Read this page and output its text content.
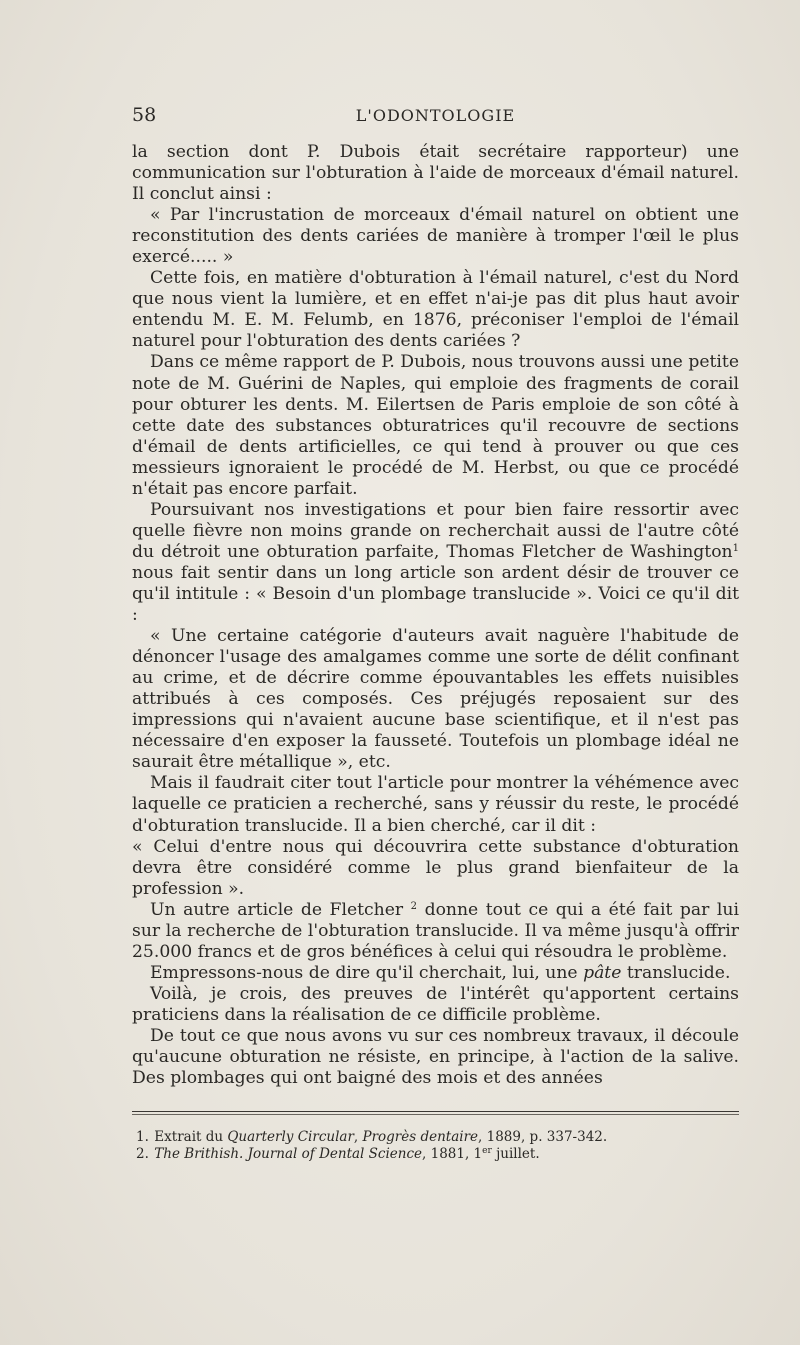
58	L'ODONTOLOGIE

la section dont P. Dubois était secrétaire rapporteur) une communication sur l'obturation à l'aide de morceaux d'émail naturel. Il conclut ainsi :

« Par l'incrustation de morceaux d'émail naturel on obtient une reconstitution des dents cariées de manière à tromper l'œil le plus exercé..... »

Cette fois, en matière d'obturation à l'émail naturel, c'est du Nord que nous vient la lumière, et en effet n'ai-je pas dit plus haut avoir entendu M. E. M. Felumb, en 1876, préconiser l'emploi de l'émail naturel pour l'obturation des dents cariées ?

Dans ce même rapport de P. Dubois, nous trouvons aussi une petite note de M. Guérini de Naples, qui emploie des fragments de corail pour obturer les dents. M. Eilertsen de Paris emploie de son côté à cette date des substances obturatrices qu'il recouvre de sections d'émail de dents artificielles, ce qui tend à prouver ou que ces messieurs ignoraient le procédé de M. Herbst, ou que ce procédé n'était pas encore parfait.

Poursuivant nos investigations et pour bien faire ressortir avec quelle fièvre non moins grande on recherchait aussi de l'autre côté du détroit une obturation parfaite, Thomas Fletcher de Washington$^1$ nous fait sentir dans un long article son ardent désir de trouver ce qu'il intitule : « Besoin d'un plombage translucide ». Voici ce qu'il dit :

« Une certaine catégorie d'auteurs avait naguère l'habitude de dénoncer l'usage des amalgames comme une sorte de délit confinant au crime, et de décrire comme épouvantables les effets nuisibles attribués à ces composés. Ces préjugés reposaient sur des impressions qui n'avaient aucune base scientifique, et il n'est pas nécessaire d'en exposer la fausseté. Toutefois un plombage idéal ne saurait être métallique », etc.

Mais il faudrait citer tout l'article pour montrer la véhémence avec laquelle ce praticien a recherché, sans y réussir du reste, le procédé d'obturation translucide. Il a bien cherché, car il dit :

« Celui d'entre nous qui découvrira cette substance d'obturation devra être considéré comme le plus grand bienfaiteur de la profession ».

Un autre article de Fletcher $^2$ donne tout ce qui a été fait par lui sur la recherche de l'obturation translucide. Il va même jusqu'à offrir 25.000 francs et de gros bénéfices à celui qui résoudra le problème.

Empressons-nous de dire qu'il cherchait, lui, une pâte translucide.

Voilà, je crois, des preuves de l'intérêt qu'apportent certains praticiens dans la réalisation de ce difficile problème.

De tout ce que nous avons vu sur ces nombreux travaux, il découle qu'aucune obturation ne résiste, en principe, à l'action de la salive. Des plombages qui ont baigné des mois et des années

1. Extrait du Quarterly Circular, Progrès dentaire, 1889, p. 337-342.
2. The Brithish. Journal of Dental Science, 1881, 1er juillet.
